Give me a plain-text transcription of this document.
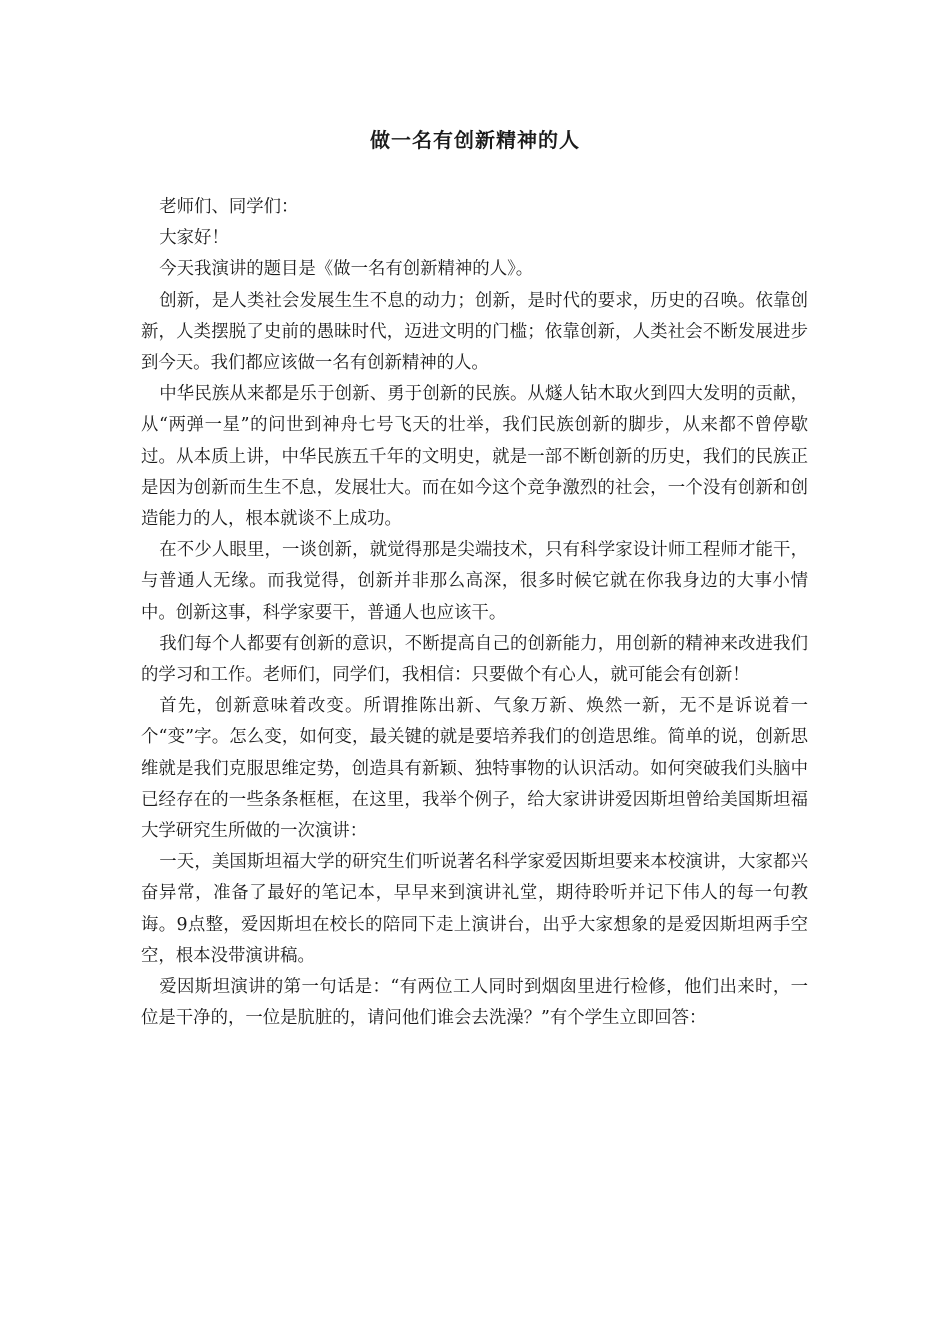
做一名有创新精神的人

老师们、同学们：

大家好！

今天我演讲的题目是《做一名有创新精神的人》。

创新，是人类社会发展生生不息的动力；创新，是时代的要求，历史的召唤。依靠创新，人类摆脱了史前的愚昧时代，迈进文明的门槛；依靠创新，人类社会不断发展进步到今天。我们都应该做一名有创新精神的人。

中华民族从来都是乐于创新、勇于创新的民族。从燧人钻木取火到四大发明的贡献，从“两弹一星”的问世到神舟七号飞天的壮举，我们民族创新的脚步，从来都不曾停歇过。从本质上讲，中华民族五千年的文明史，就是一部不断创新的历史，我们的民族正是因为创新而生生不息，发展壮大。而在如今这个竞争激烈的社会，一个没有创新和创造能力的人，根本就谈不上成功。

在不少人眼里，一谈创新，就觉得那是尖端技术，只有科学家设计师工程师才能干，与普通人无缘。而我觉得，创新并非那么高深，很多时候它就在你我身边的大事小情中。创新这事，科学家要干，普通人也应该干。

我们每个人都要有创新的意识，不断提高自己的创新能力，用创新的精神来改进我们的学习和工作。老师们，同学们，我相信：只要做个有心人，就可能会有创新！

首先，创新意味着改变。所谓推陈出新、气象万新、焕然一新，无不是诉说着一个“变”字。怎么变，如何变，最关键的就是要培养我们的创造思维。简单的说，创新思维就是我们克服思维定势，创造具有新颖、独特事物的认识活动。如何突破我们头脑中已经存在的一些条条框框，在这里，我举个例子，给大家讲讲爱因斯坦曾给美国斯坦福大学研究生所做的一次演讲：

一天，美国斯坦福大学的研究生们听说著名科学家爱因斯坦要来本校演讲，大家都兴奋异常，准备了最好的笔记本，早早来到演讲礼堂，期待聆听并记下伟人的每一句教诲。9点整，爱因斯坦在校长的陪同下走上演讲台，出乎大家想象的是爱因斯坦两手空空，根本没带演讲稿。

爱因斯坦演讲的第一句话是：“有两位工人同时到烟囱里进行检修，他们出来时，一位是干净的，一位是肮脏的，请问他们谁会去洗澡？”有个学生立即回答：
